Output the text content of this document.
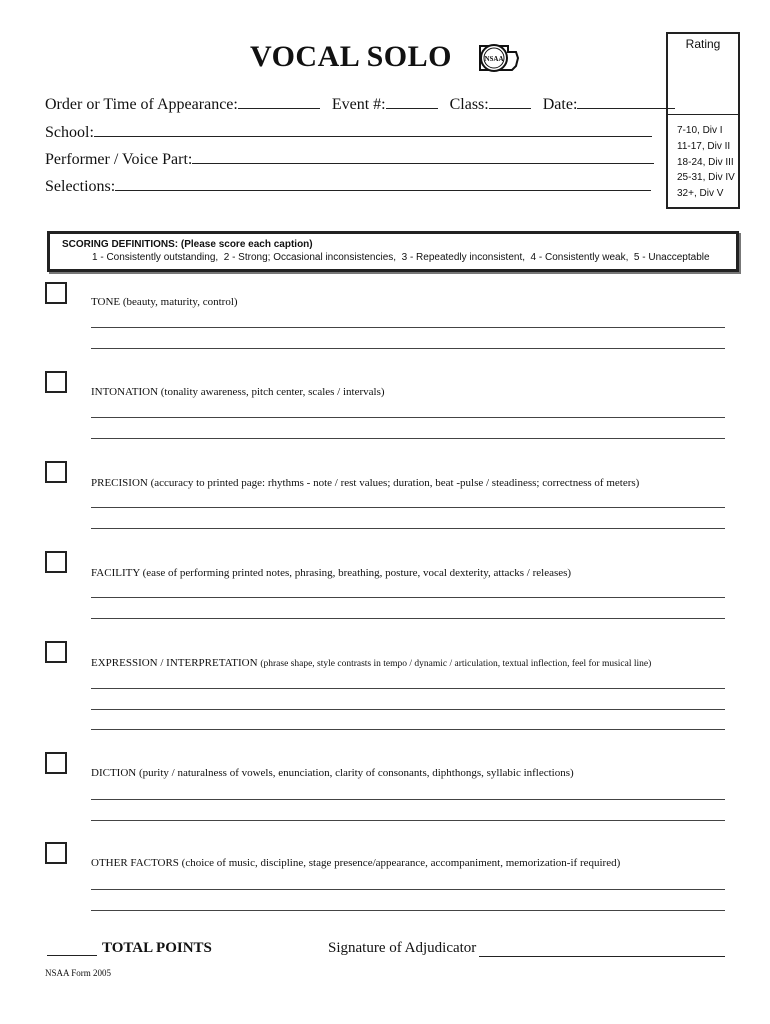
VOCAL SOLO	NSAA
Order or Time of Appearance:	Event #:	Class:	Date:
School:
Performer / Voice Part:
Selections:
Rating
7-10, Div I
11-17, Div II
18-24, Div III
25-31, Div IV
32+, Div V
SCORING DEFINITIONS: (Please score each caption)
1 - Consistently outstanding,  2 - Strong; Occasional inconsistencies,  3 - Repeatedly inconsistent,  4 - Consistently weak,  5 - Unacceptable
TONE (beauty, maturity, control)
INTONATION (tonality awareness, pitch center, scales / intervals)
PRECISION (accuracy to printed page: rhythms - note / rest values; duration, beat -pulse / steadiness; correctness of meters)
FACILITY (ease of performing printed notes, phrasing, breathing, posture, vocal dexterity, attacks / releases)
EXPRESSION / INTERPRETATION (phrase shape, style contrasts in tempo / dynamic / articulation, textual inflection, feel for musical line)
DICTION (purity / naturalness of vowels, enunciation, clarity of consonants, diphthongs, syllabic inflections)
OTHER FACTORS (choice of music, discipline, stage presence/appearance, accompaniment, memorization-if required)
TOTAL POINTS	Signature of Adjudicator
NSAA Form 2005
